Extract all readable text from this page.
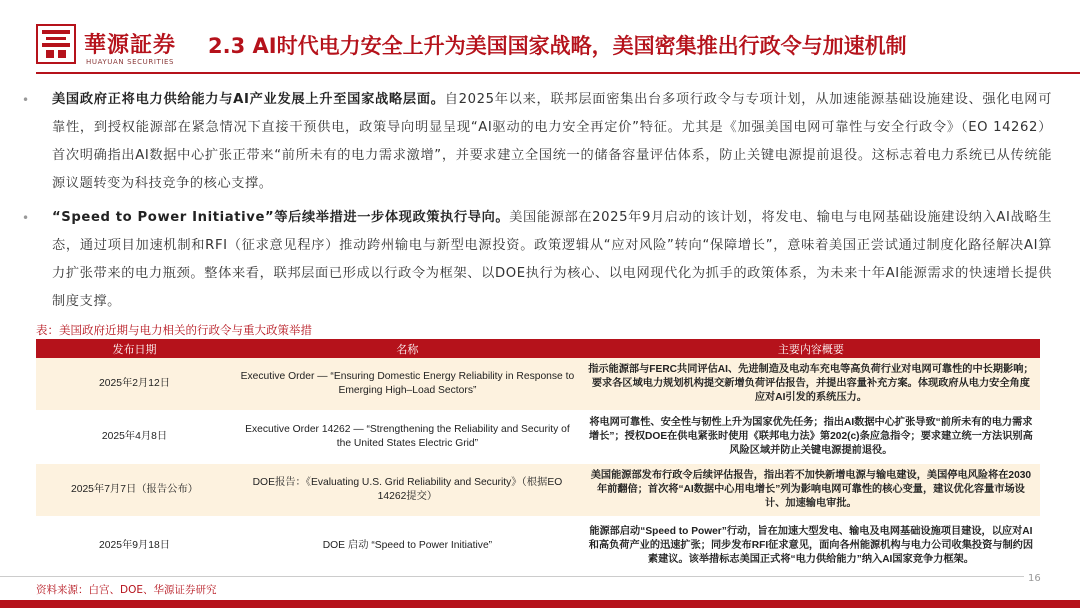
華源証券
HUAYUAN SECURITIES
2.3 AI时代电力安全上升为美国国家战略，美国密集推出行政令与加速机制
• 美国政府正将电力供给能力与AI产业发展上升至国家战略层面。自2025年以来，联邦层面密集出台多项行政令与专项计划，从加速能源基础设施建设、强化电网可靠性，到授权能源部在紧急情况下直接干预供电，政策导向明显呈现“AI驱动的电力安全再定价”特征。尤其是《加强美国电网可靠性与安全行政令》（EO 14262）首次明确指出AI数据中心扩张正带来“前所未有的电力需求激增”，并要求建立全国统一的储备容量评估体系，防止关键电源提前退役。这标志着电力系统已从传统能源议题转变为科技竞争的核心支撑。
• “Speed to Power Initiative”等后续举措进一步体现政策执行导向。美国能源部在2025年9月启动的该计划，将发电、输电与电网基础设施建设纳入AI战略生态，通过项目加速机制和RFI（征求意见程序）推动跨州输电与新型电源投资。政策逻辑从“应对风险”转向“保障增长”，意味着美国正尝试通过制度化路径解决AI算力扩张带来的电力瓶颈。整体来看，联邦层面已形成以行政令为框架、以DOE执行为核心、以电网现代化为抓手的政策体系，为未来十年AI能源需求的快速增长提供制度支撑。
表：美国政府近期与电力相关的行政令与重大政策举措
发布日期	名称	主要内容概要
2025年2月12日	Executive Order — “Ensuring Domestic Energy Reliability in Response to Emerging High–Load Sectors”	指示能源部与FERC共同评估AI、先进制造及电动车充电等高负荷行业对电网可靠性的中长期影响；要求各区域电力规划机构提交新增负荷评估报告，并提出容量补充方案。体现政府从电力安全角度应对AI引发的系统压力。
2025年4月8日	Executive Order 14262 — “Strengthening the Reliability and Security of the United States Electric Grid”	将电网可靠性、安全性与韧性上升为国家优先任务；指出AI数据中心扩张导致“前所未有的电力需求增长”；授权DOE在供电紧张时使用《联邦电力法》第202(c)条应急指令；要求建立统一方法识别高风险区域并防止关键电源提前退役。
2025年7月7日（报告公布）	DOE报告：《Evaluating U.S. Grid Reliability and Security》（根据EO 14262提交）	美国能源部发布行政令后续评估报告，指出若不加快新增电源与输电建设，美国停电风险将在2030年前翻倍；首次将“AI数据中心用电增长”列为影响电网可靠性的核心变量，建议优化容量市场设计、加速输电审批。
2025年9月18日	DOE 启动 “Speed to Power Initiative”	能源部启动“Speed to Power”行动，旨在加速大型发电、输电及电网基础设施项目建设，以应对AI和高负荷产业的迅速扩张；同步发布RFI征求意见，面向各州能源机构与电力公司收集投资与制约因素建议。该举措标志美国正式将“电力供给能力”纳入AI国家竞争力框架。
16
资料来源：白宫、DOE、华源证券研究
